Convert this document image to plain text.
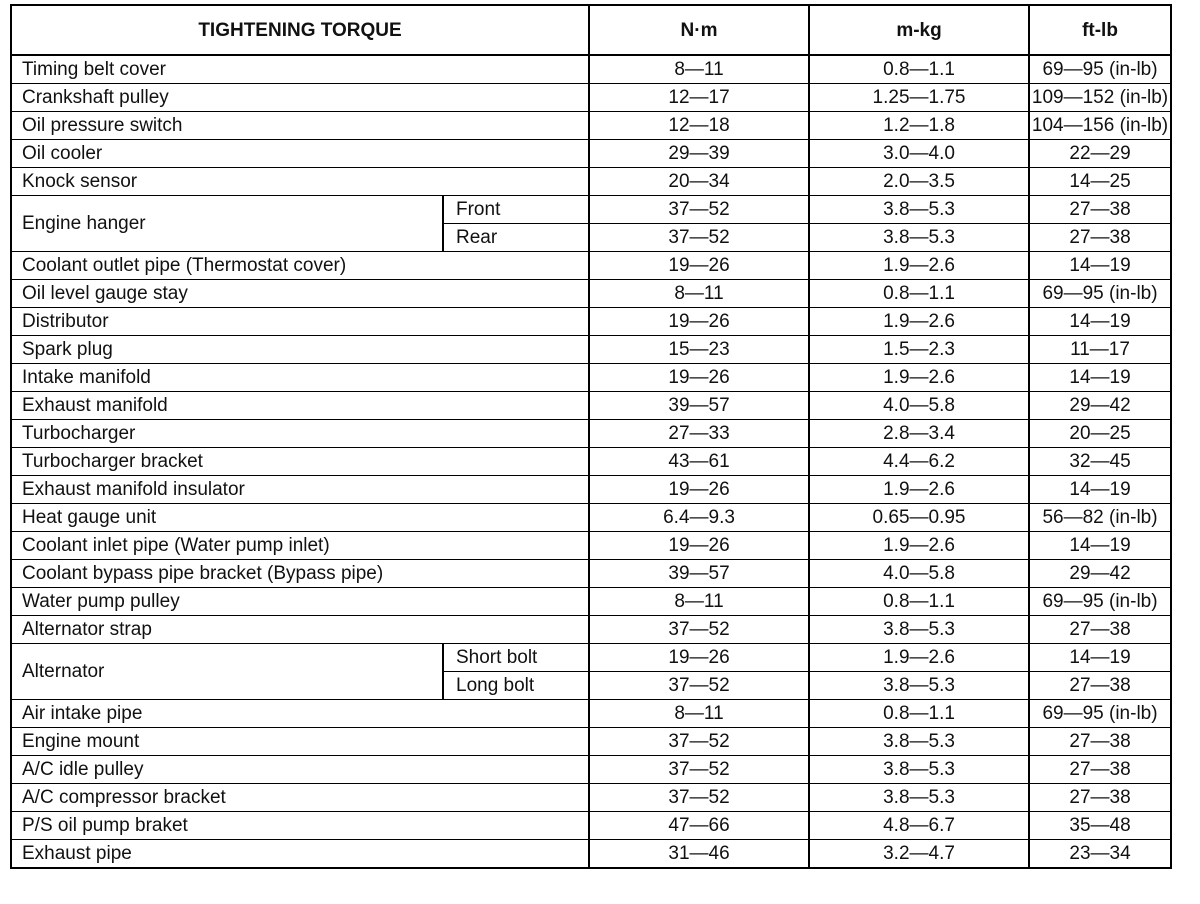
TIGHTENING TORQUE		N·m	m-kg	ft-lb
Timing belt cover		8—11	0.8—1.1	69—95 (in-lb)
Crankshaft pulley		12—17	1.25—1.75	109—152 (in-lb)
Oil pressure switch		12—18	1.2—1.8	104—156 (in-lb)
Oil cooler		29—39	3.0—4.0	22—29
Knock sensor		20—34	2.0—3.5	14—25
Engine hanger	Front	37—52	3.8—5.3	27—38
	Rear	37—52	3.8—5.3	27—38
Coolant outlet pipe (Thermostat cover)		19—26	1.9—2.6	14—19
Oil level gauge stay		8—11	0.8—1.1	69—95 (in-lb)
Distributor		19—26	1.9—2.6	14—19
Spark plug		15—23	1.5—2.3	11—17
Intake manifold		19—26	1.9—2.6	14—19
Exhaust manifold		39—57	4.0—5.8	29—42
Turbocharger		27—33	2.8—3.4	20—25
Turbocharger bracket		43—61	4.4—6.2	32—45
Exhaust manifold insulator		19—26	1.9—2.6	14—19
Heat gauge unit		6.4—9.3	0.65—0.95	56—82 (in-lb)
Coolant inlet pipe (Water pump inlet)		19—26	1.9—2.6	14—19
Coolant bypass pipe bracket (Bypass pipe)		39—57	4.0—5.8	29—42
Water pump pulley		8—11	0.8—1.1	69—95 (in-lb)
Alternator strap		37—52	3.8—5.3	27—38
Alternator	Short bolt	19—26	1.9—2.6	14—19
	Long bolt	37—52	3.8—5.3	27—38
Air intake pipe		8—11	0.8—1.1	69—95 (in-lb)
Engine mount		37—52	3.8—5.3	27—38
A/C idle pulley		37—52	3.8—5.3	27—38
A/C compressor bracket		37—52	3.8—5.3	27—38
P/S oil pump braket		47—66	4.8—6.7	35—48
Exhaust pipe		31—46	3.2—4.7	23—34
